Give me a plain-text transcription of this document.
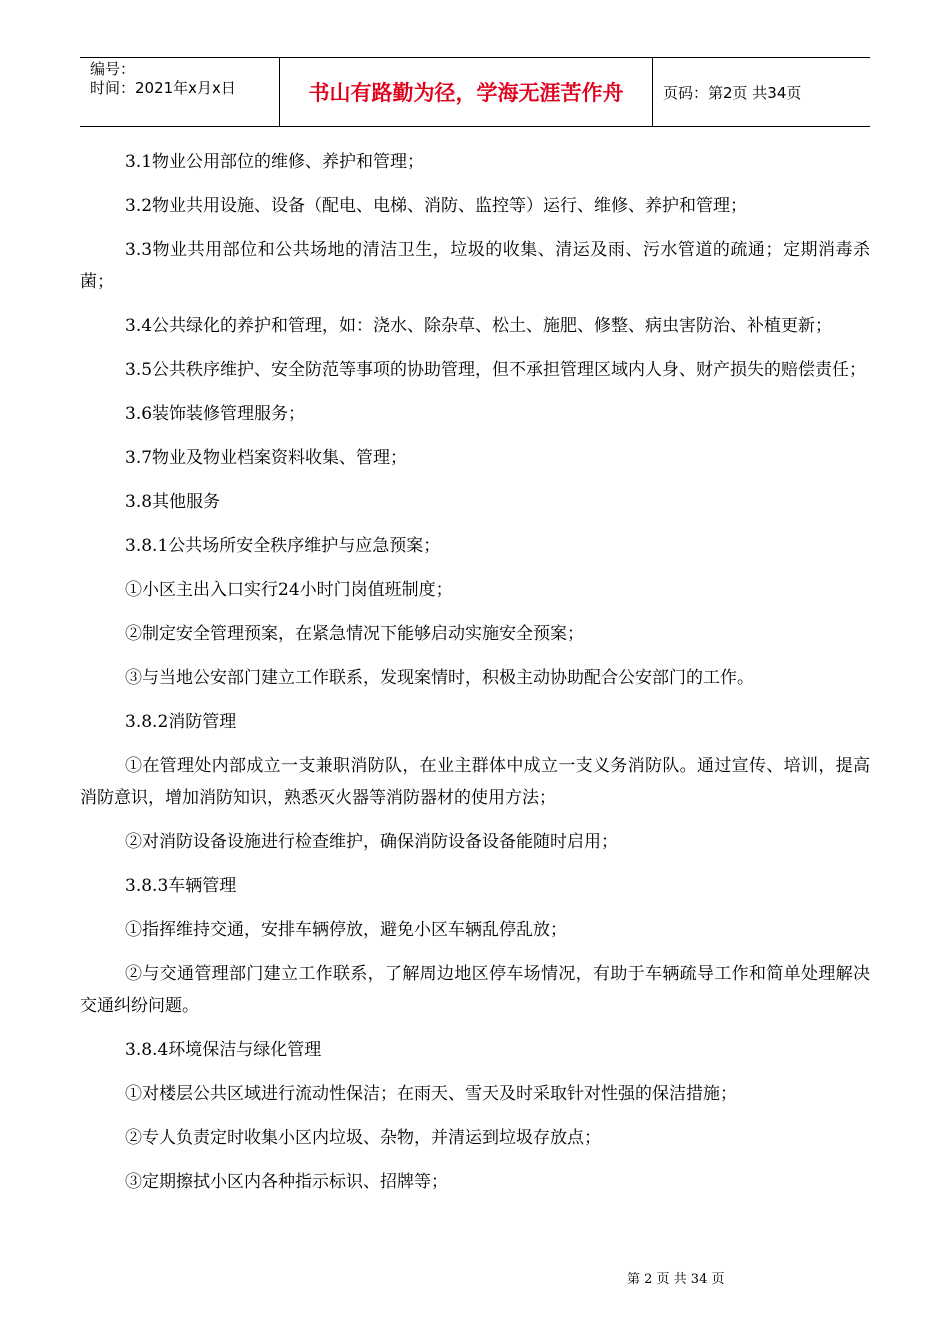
编号：
时间：2021年x月x日	书山有路勤为径，学海无涯苦作舟	页码：第2页 共34页

3.1物业公用部位的维修、养护和管理；

3.2物业共用设施、设备（配电、电梯、消防、监控等）运行、维修、养护和管理；

3.3物业共用部位和公共场地的清洁卫生，垃圾的收集、清运及雨、污水管道的疏通；定期消毒杀菌；

3.4公共绿化的养护和管理，如：浇水、除杂草、松土、施肥、修整、病虫害防治、补植更新；

3.5公共秩序维护、安全防范等事项的协助管理，但不承担管理区域内人身、财产损失的赔偿责任；

3.6装饰装修管理服务；

3.7物业及物业档案资料收集、管理；

3.8其他服务

3.8.1公共场所安全秩序维护与应急预案；

①小区主出入口实行24小时门岗值班制度；

②制定安全管理预案，在紧急情况下能够启动实施安全预案；

③与当地公安部门建立工作联系，发现案情时，积极主动协助配合公安部门的工作。

3.8.2消防管理

①在管理处内部成立一支兼职消防队，在业主群体中成立一支义务消防队。通过宣传、培训，提高消防意识，增加消防知识，熟悉灭火器等消防器材的使用方法；

②对消防设备设施进行检查维护，确保消防设备设备能随时启用；

3.8.3车辆管理

①指挥维持交通，安排车辆停放，避免小区车辆乱停乱放；

②与交通管理部门建立工作联系，了解周边地区停车场情况，有助于车辆疏导工作和简单处理解决交通纠纷问题。

3.8.4环境保洁与绿化管理

①对楼层公共区域进行流动性保洁；在雨天、雪天及时采取针对性强的保洁措施；

②专人负责定时收集小区内垃圾、杂物，并清运到垃圾存放点；

③定期擦拭小区内各种指示标识、招牌等；

第 2 页 共 34 页
